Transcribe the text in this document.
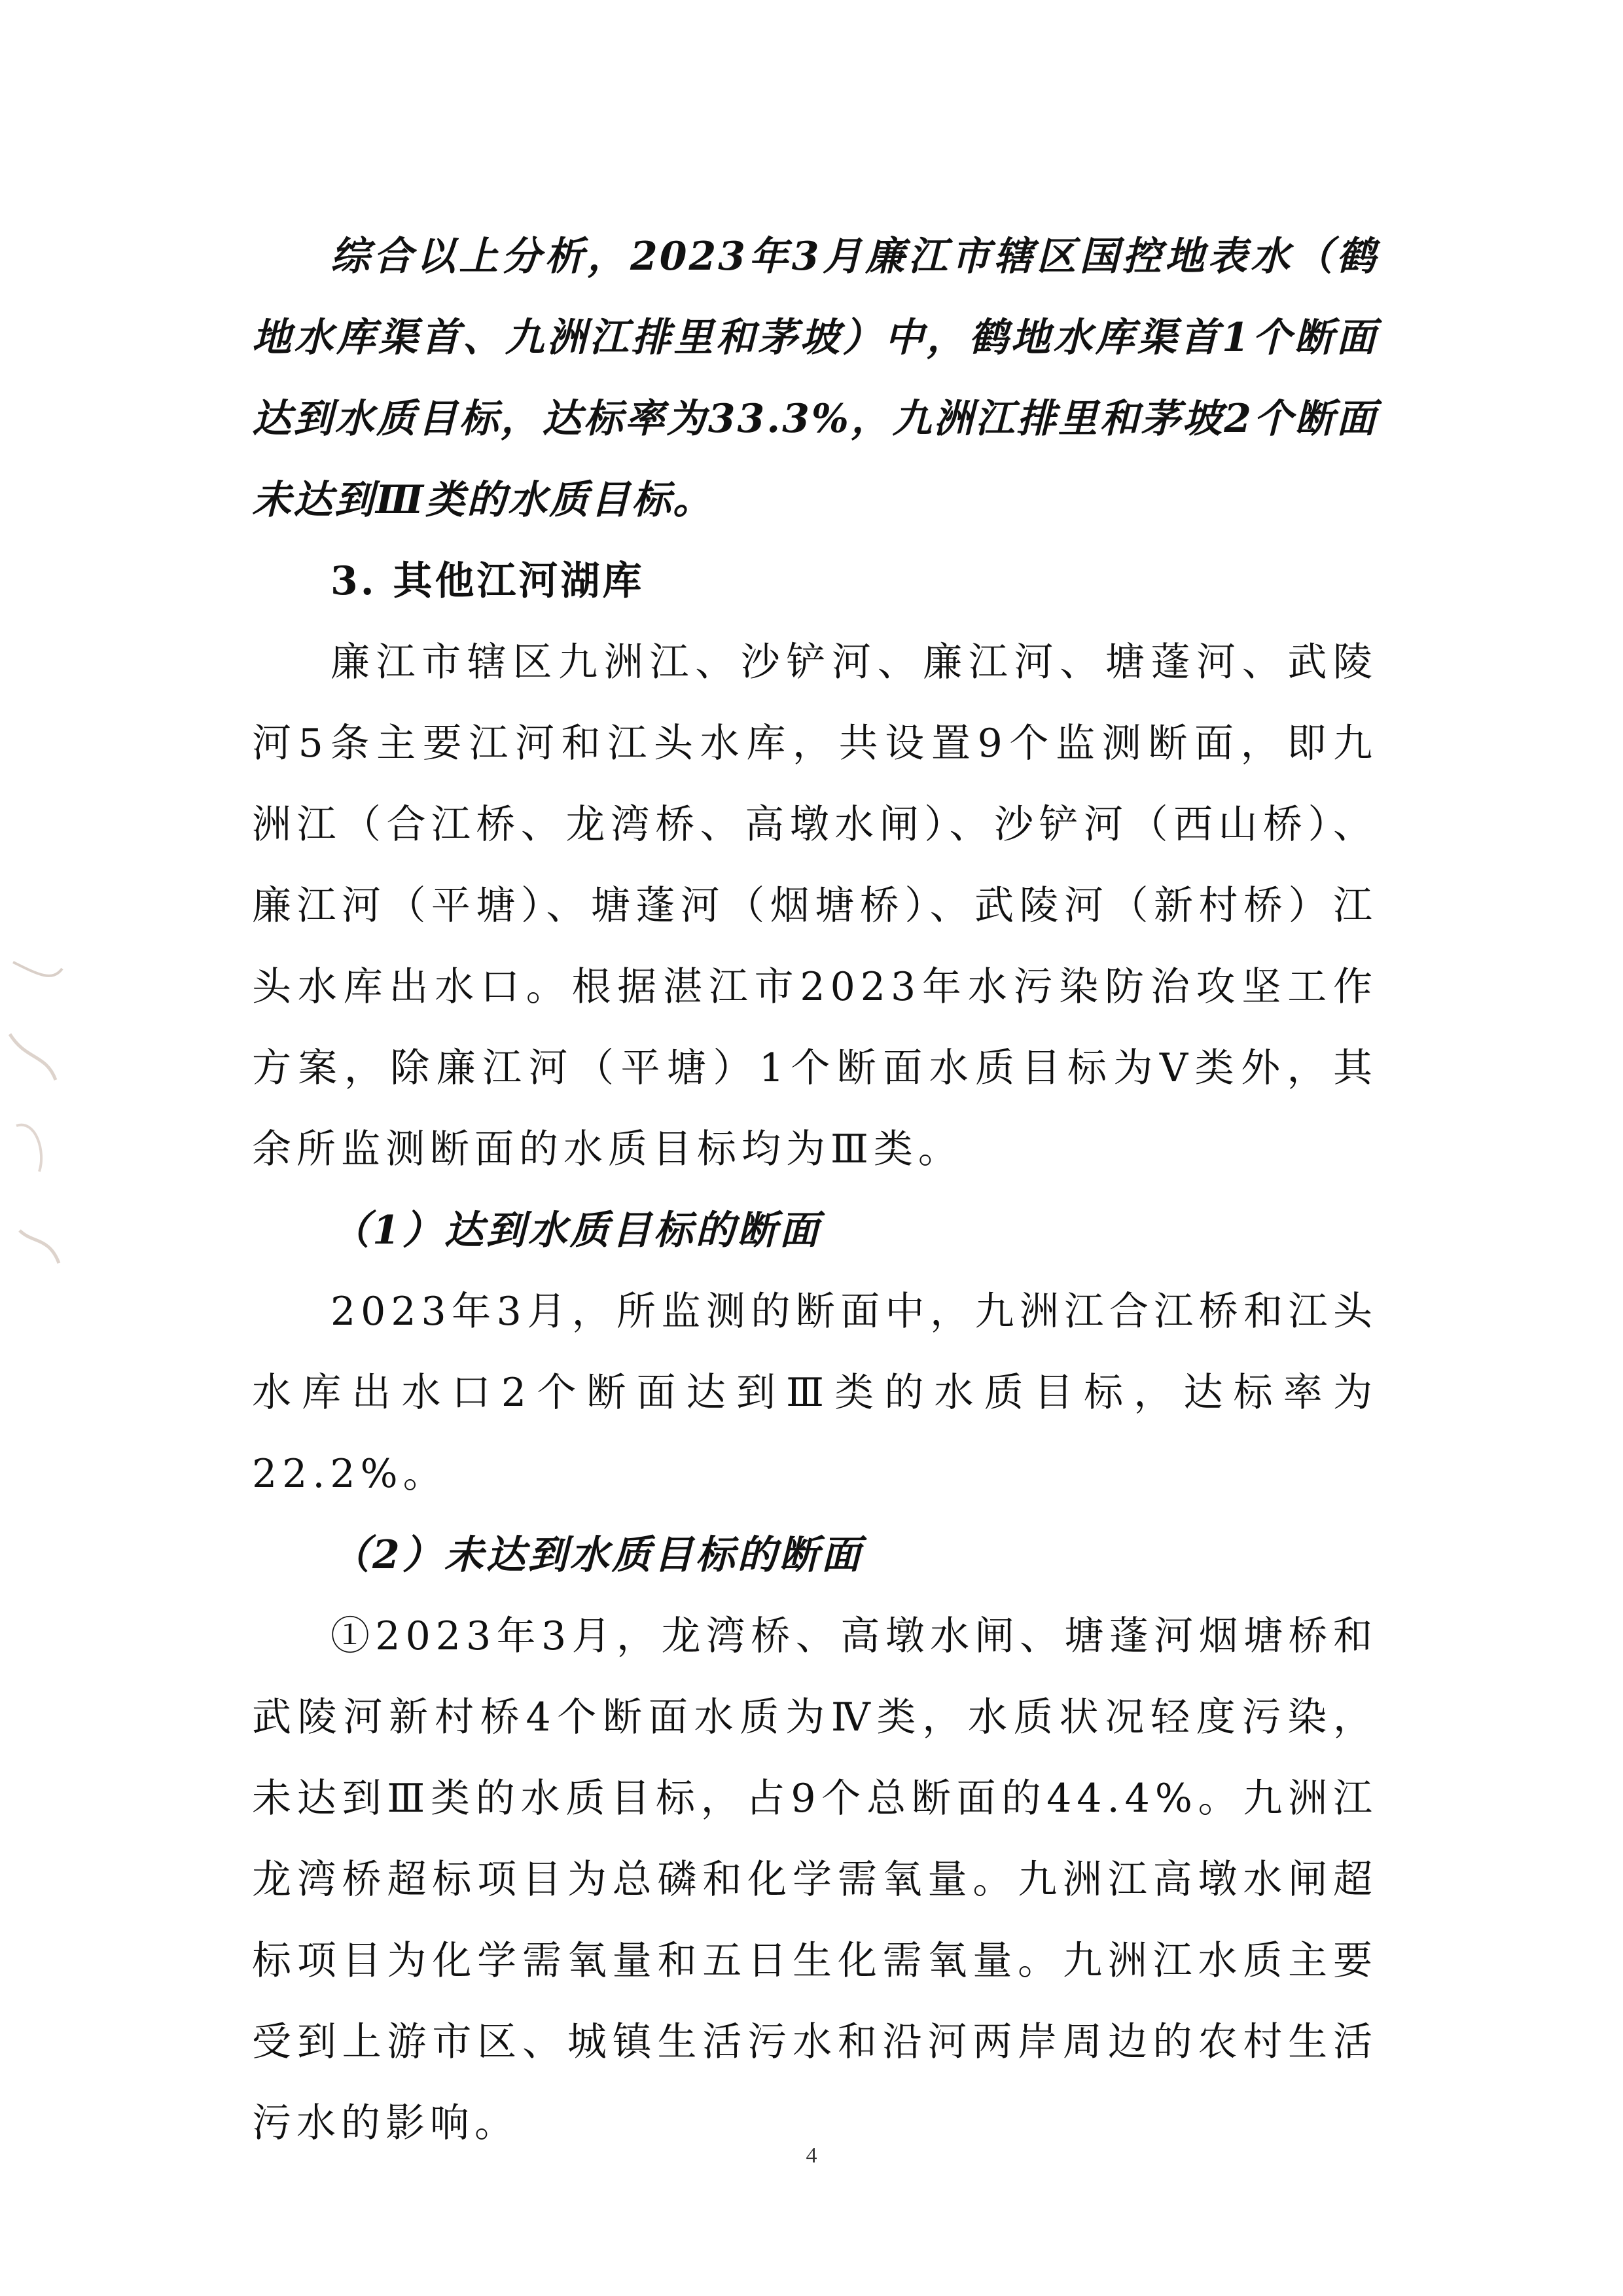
综合以上分析，2023年3月廉江市辖区国控地表水（鹤地水库渠首、九洲江排里和茅坡）中，鹤地水库渠首1个断面达到水质目标，达标率为33.3%，九洲江排里和茅坡2个断面未达到Ⅲ类的水质目标。

3. 其他江河湖库

廉江市辖区九洲江、沙铲河、廉江河、塘蓬河、武陵河5条主要江河和江头水库，共设置9个监测断面，即九洲江（合江桥、龙湾桥、高墩水闸）、沙铲河（西山桥）、廉江河（平塘）、塘蓬河（烟塘桥）、武陵河（新村桥）江头水库出水口。根据湛江市2023年水污染防治攻坚工作方案，除廉江河（平塘）1个断面水质目标为Ⅴ类外，其余所监测断面的水质目标均为Ⅲ类。

（1）达到水质目标的断面

2023年3月，所监测的断面中，九洲江合江桥和江头水库出水口2个断面达到Ⅲ类的水质目标，达标率为22.2%。

（2）未达到水质目标的断面

①2023年3月，龙湾桥、高墩水闸、塘蓬河烟塘桥和武陵河新村桥4个断面水质为Ⅳ类，水质状况轻度污染，未达到Ⅲ类的水质目标，占9个总断面的44.4%。九洲江龙湾桥超标项目为总磷和化学需氧量。九洲江高墩水闸超标项目为化学需氧量和五日生化需氧量。九洲江水质主要受到上游市区、城镇生活污水和沿河两岸周边的农村生活污水的影响。

4
